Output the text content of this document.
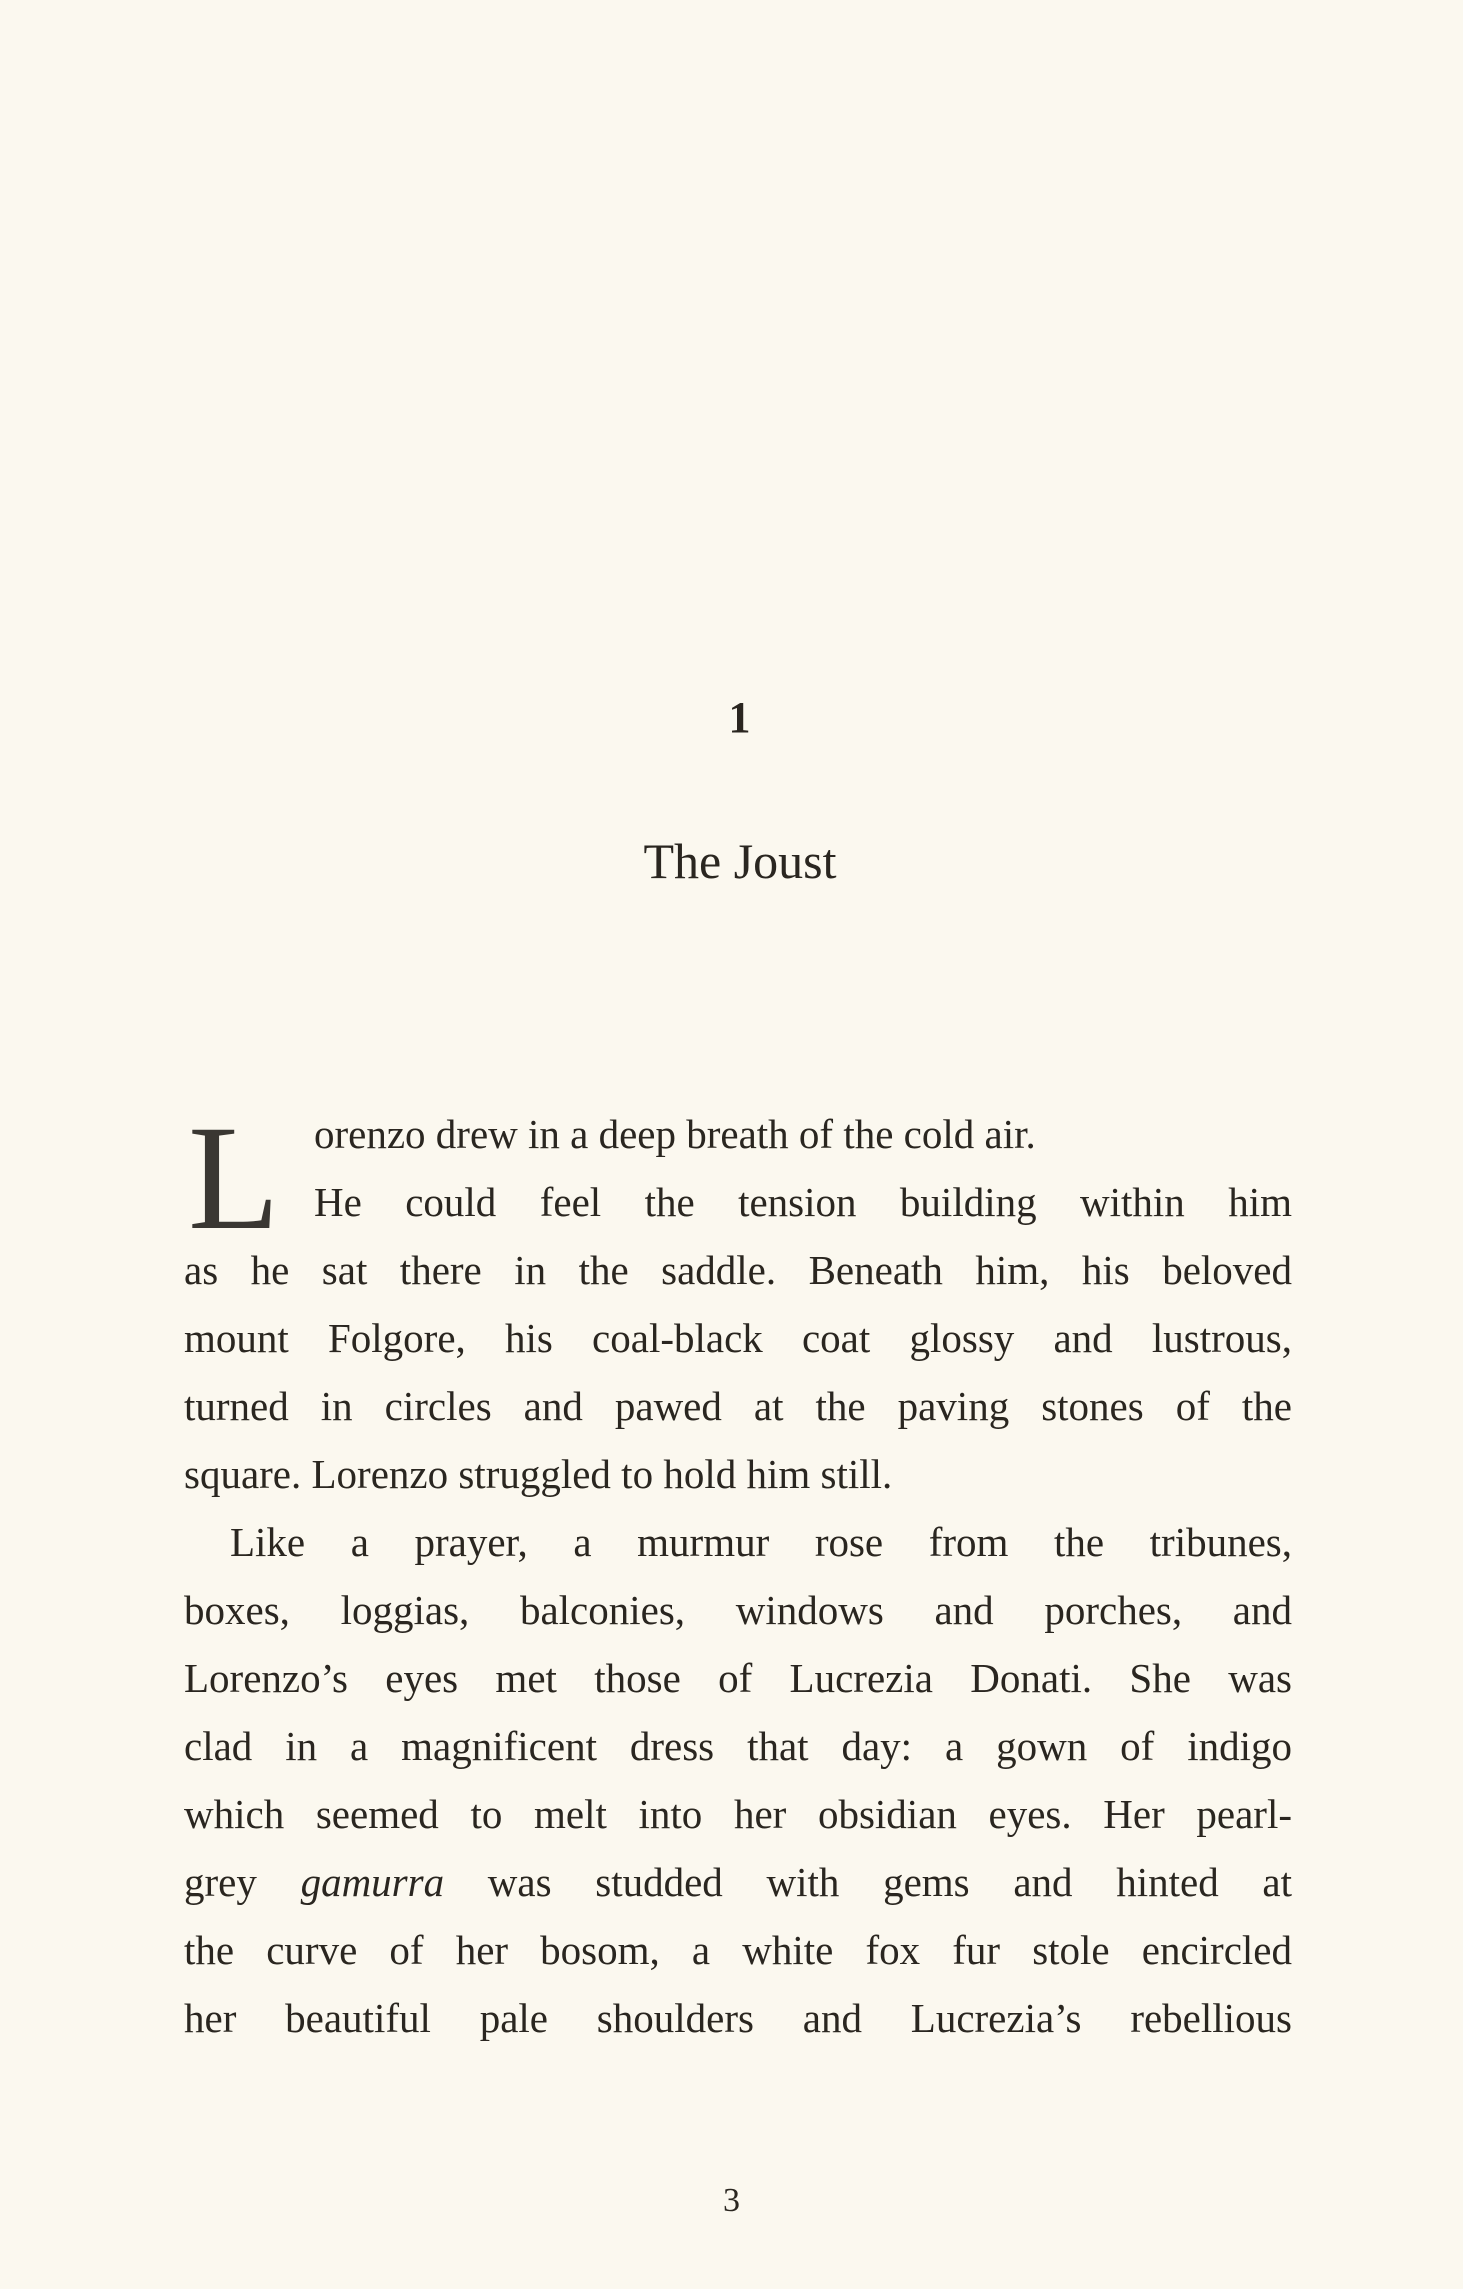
1
The Joust
L orenzo drew in a deep breath of the cold air.
He could feel the tension building within him
as he sat there in the saddle. Beneath him, his beloved
mount Folgore, his coal-black coat glossy and lustrous,
turned in circles and pawed at the paving stones of the
square. Lorenzo struggled to hold him still.
Like a prayer, a murmur rose from the tribunes,
boxes, loggias, balconies, windows and porches, and
Lorenzo’s eyes met those of Lucrezia Donati. She was
clad in a magnificent dress that day: a gown of indigo
which seemed to melt into her obsidian eyes. Her pearl-
grey gamurra was studded with gems and hinted at
the curve of her bosom, a white fox fur stole encircled
her beautiful pale shoulders and Lucrezia’s rebellious
3
